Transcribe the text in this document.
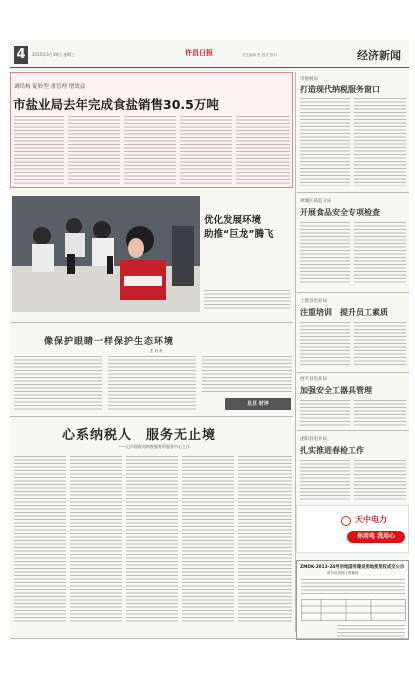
4	2015年3月19日 星期三	许昌日报	责任编辑 张 版式 校对	经济新闻
调结构 促转型 重管理 增效益
市盐业局去年完成食盐销售30.5万吨
优化发展环境
助推“巨龙”腾飞
像保护眼睛一样保护生态环境
张 尚 岭
旦旦 时评
心系纳税人　服务无止境
——记市国税局纳税服务科服务中心工作
市地税局
打造现代纳税服务窗口
禄城区质监分局
开展食品安全专项检查
上蔡县电业局
注重培训　提升员工素质
西平县电业局
加强安全工器具管理
泌阳县电业局
扎实推进春检工作
天中电力
你用电 我用心
ZMDK-2013-24号宗地国有建设用地使用权成交公示
驻马店市国土资源局
